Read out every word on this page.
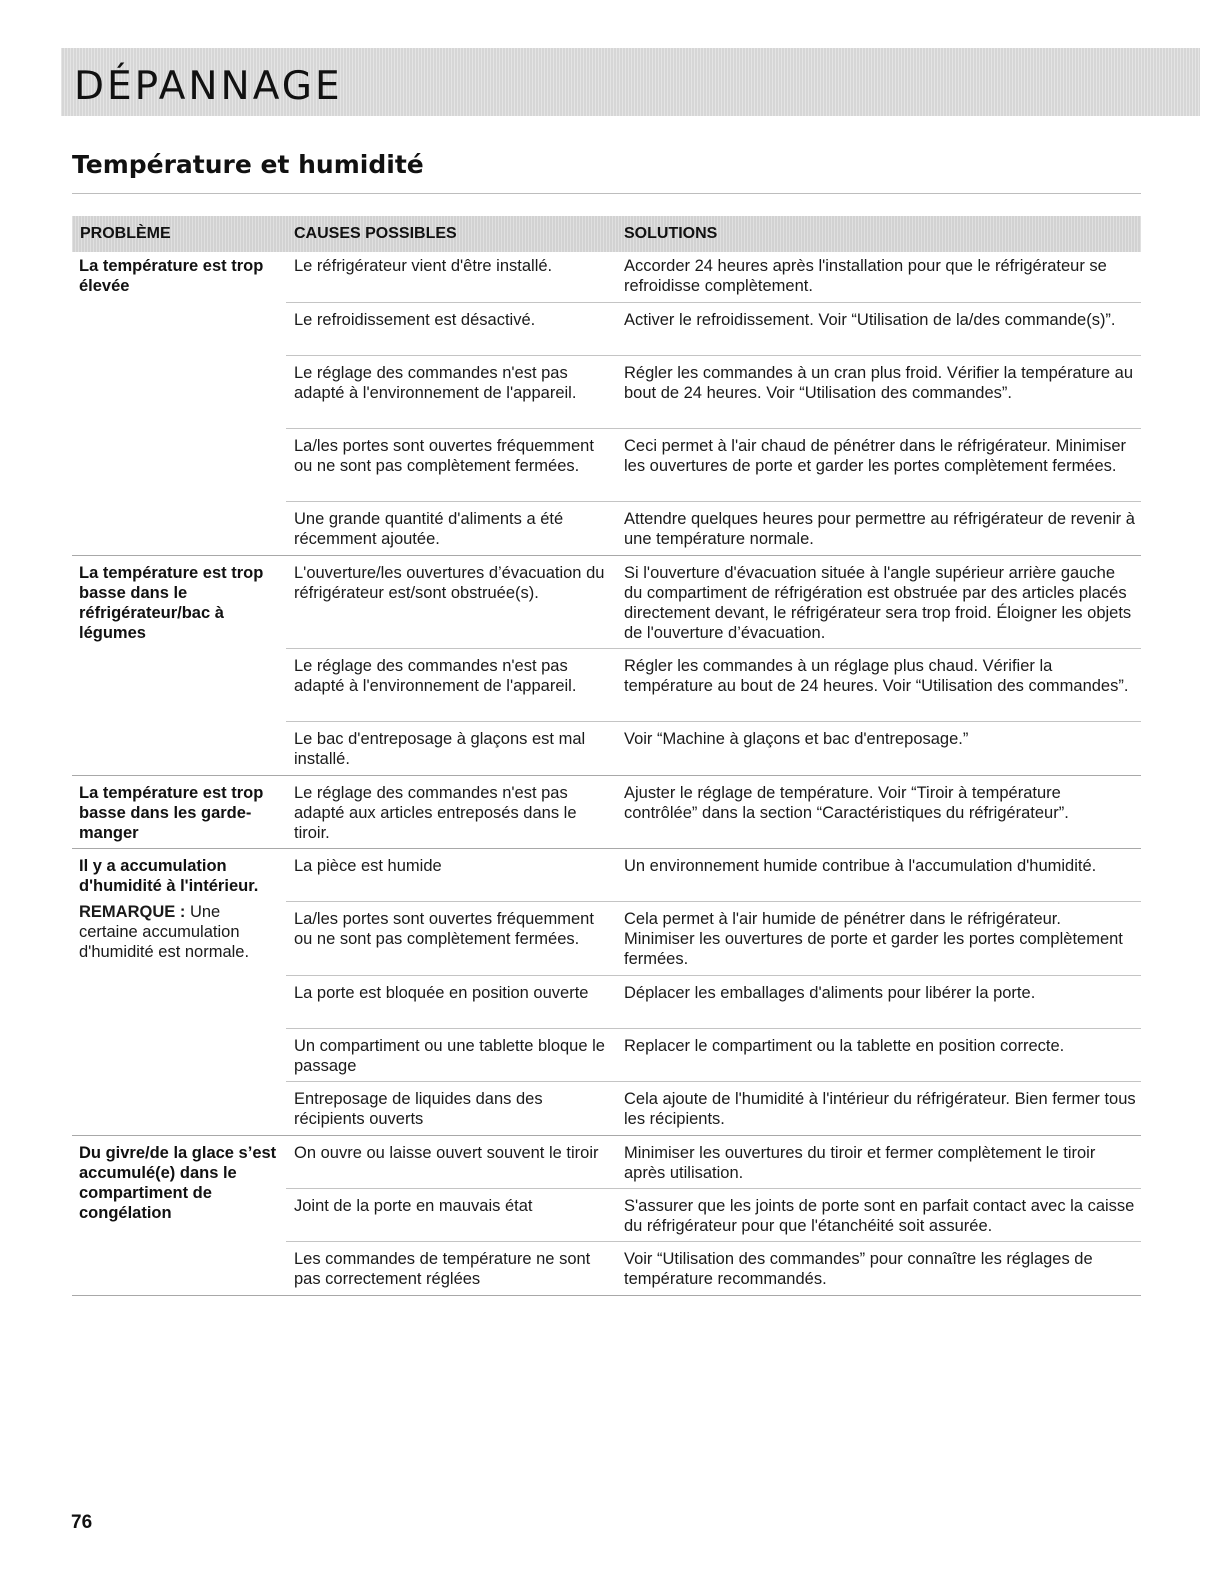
DÉPANNAGE
Température et humidité
PROBLÈME	CAUSES POSSIBLES	SOLUTIONS
La température est trop élevée
La température est trop basse dans le réfrigérateur/bac à légumes
La température est trop basse dans les garde-manger
Il y a accumulation d'humidité à l'intérieur.
Du givre/de la glace s’est accumulé(e) dans le compartiment de congélation
REMARQUE : Une certaine accumulation d'humidité est normale.
Le réfrigérateur vient d'être installé.
Le refroidissement est désactivé.
Le réglage des commandes n'est pas adapté à l'environnement de l'appareil.
La/les portes sont ouvertes fréquemment ou ne sont pas complètement fermées.
Une grande quantité d'aliments a été récemment ajoutée.
L'ouverture/les ouvertures d’évacuation du réfrigérateur est/sont obstruée(s).
Le réglage des commandes n'est pas adapté à l'environnement de l'appareil.
Le bac d'entreposage à glaçons est mal installé.
Le réglage des commandes n'est pas adapté aux articles entreposés dans le tiroir.
La pièce est humide
La/les portes sont ouvertes fréquemment ou ne sont pas complètement fermées.
La porte est bloquée en position ouverte
Un compartiment ou une tablette bloque le passage
Entreposage de liquides dans des récipients ouverts
On ouvre ou laisse ouvert souvent le tiroir
Joint de la porte en mauvais état
Les commandes de température ne sont pas correctement réglées
Accorder 24 heures après l'installation pour que le réfrigérateur se refroidisse complètement.
Activer le refroidissement. Voir “Utilisation de la/des commande(s)”.
Régler les commandes à un cran plus froid. Vérifier la température au bout de 24 heures. Voir “Utilisation des commandes”.
Ceci permet à l'air chaud de pénétrer dans le réfrigérateur. Minimiser les ouvertures de porte et garder les portes complètement fermées.
Attendre quelques heures pour permettre au réfrigérateur de revenir à une température normale.
Si l'ouverture d'évacuation située à l'angle supérieur arrière gauche du compartiment de réfrigération est obstruée par des articles placés directement devant, le réfrigérateur sera trop froid. Éloigner les objets de l'ouverture d’évacuation.
Régler les commandes à un réglage plus chaud. Vérifier la température au bout de 24 heures. Voir “Utilisation des commandes”.
Voir “Machine à glaçons et bac d'entreposage.”
Ajuster le réglage de température. Voir “Tiroir à température contrôlée” dans la section “Caractéristiques du réfrigérateur”.
Un environnement humide contribue à l'accumulation d'humidité.
Cela permet à l'air humide de pénétrer dans le réfrigérateur. Minimiser les ouvertures de porte et garder les portes complètement fermées.
Déplacer les emballages d'aliments pour libérer la porte.
Replacer le compartiment ou la tablette en position correcte.
Cela ajoute de l'humidité à l'intérieur du réfrigérateur. Bien fermer tous les récipients.
Minimiser les ouvertures du tiroir et fermer complètement le tiroir après utilisation.
S'assurer que les joints de porte sont en parfait contact avec la caisse du réfrigérateur pour que l'étanchéité soit assurée.
Voir “Utilisation des commandes” pour connaître les réglages de température recommandés.
76
